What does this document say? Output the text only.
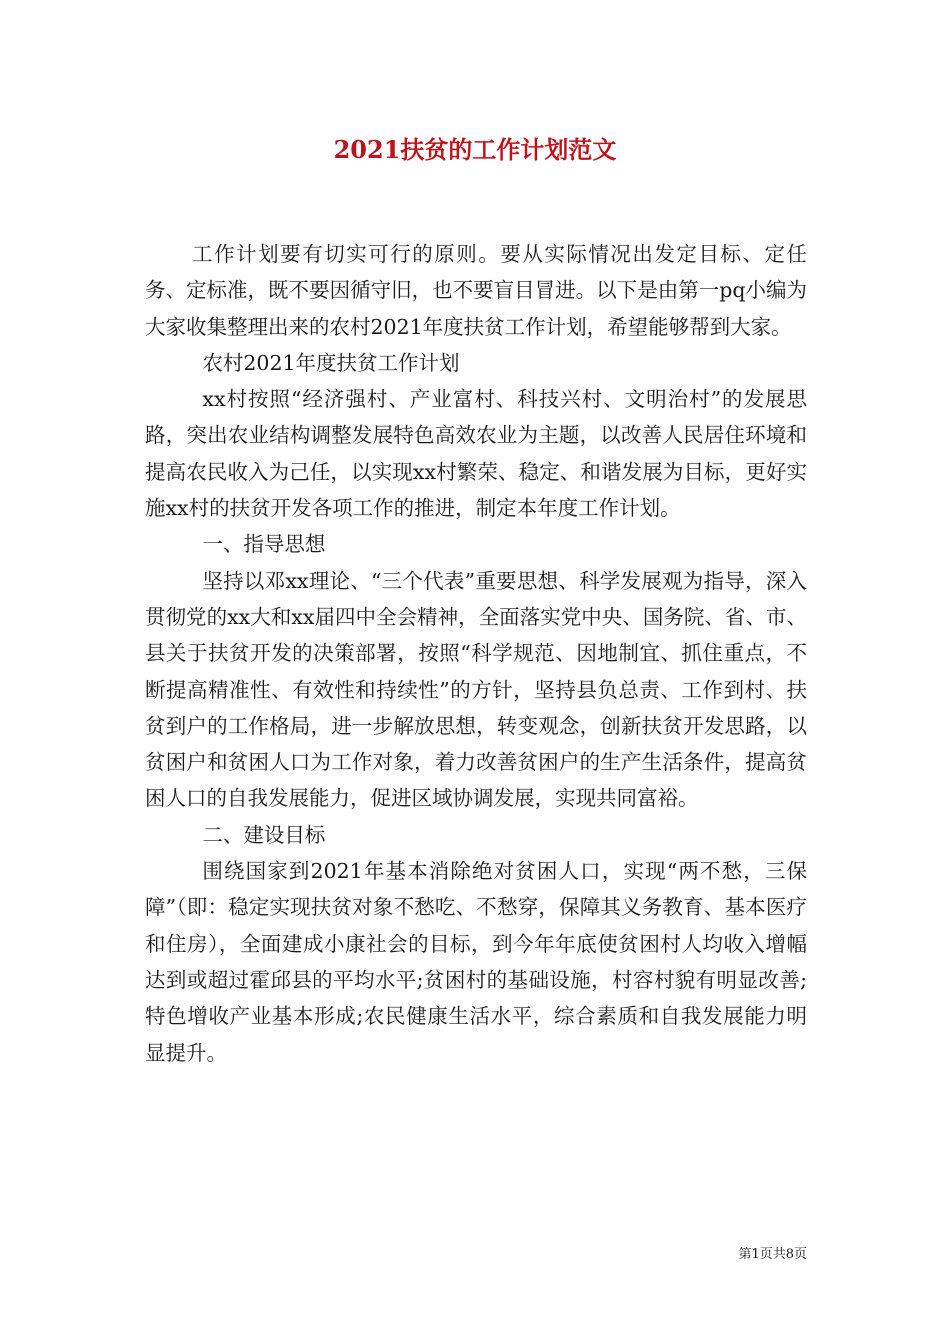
2021扶贫的工作计划范文

工作计划要有切实可行的原则。要从实际情况出发定目标、定任务、定标准，既不要因循守旧，也不要盲目冒进。以下是由第一pq小编为大家收集整理出来的农村2021年度扶贫工作计划，希望能够帮到大家。

农村2021年度扶贫工作计划

xx村按照“经济强村、产业富村、科技兴村、文明治村”的发展思路，突出农业结构调整发展特色高效农业为主题，以改善人民居住环境和提高农民收入为己任，以实现xx村繁荣、稳定、和谐发展为目标，更好实施xx村的扶贫开发各项工作的推进，制定本年度工作计划。

一、指导思想

坚持以邓xx理论、“三个代表”重要思想、科学发展观为指导，深入贯彻党的xx大和xx届四中全会精神，全面落实党中央、国务院、省、市、县关于扶贫开发的决策部署，按照“科学规范、因地制宜、抓住重点，不断提高精准性、有效性和持续性”的方针，坚持县负总责、工作到村、扶贫到户的工作格局，进一步解放思想，转变观念，创新扶贫开发思路，以贫困户和贫困人口为工作对象，着力改善贫困户的生产生活条件，提高贫困人口的自我发展能力，促进区域协调发展，实现共同富裕。

二、建设目标

围绕国家到2021年基本消除绝对贫困人口，实现“两不愁，三保障”（即：稳定实现扶贫对象不愁吃、不愁穿，保障其义务教育、基本医疗和住房），全面建成小康社会的目标，到今年年底使贫困村人均收入增幅达到或超过霍邱县的平均水平;贫困村的基础设施，村容村貌有明显改善;特色增收产业基本形成;农民健康生活水平，综合素质和自我发展能力明显提升。

第1页共8页
